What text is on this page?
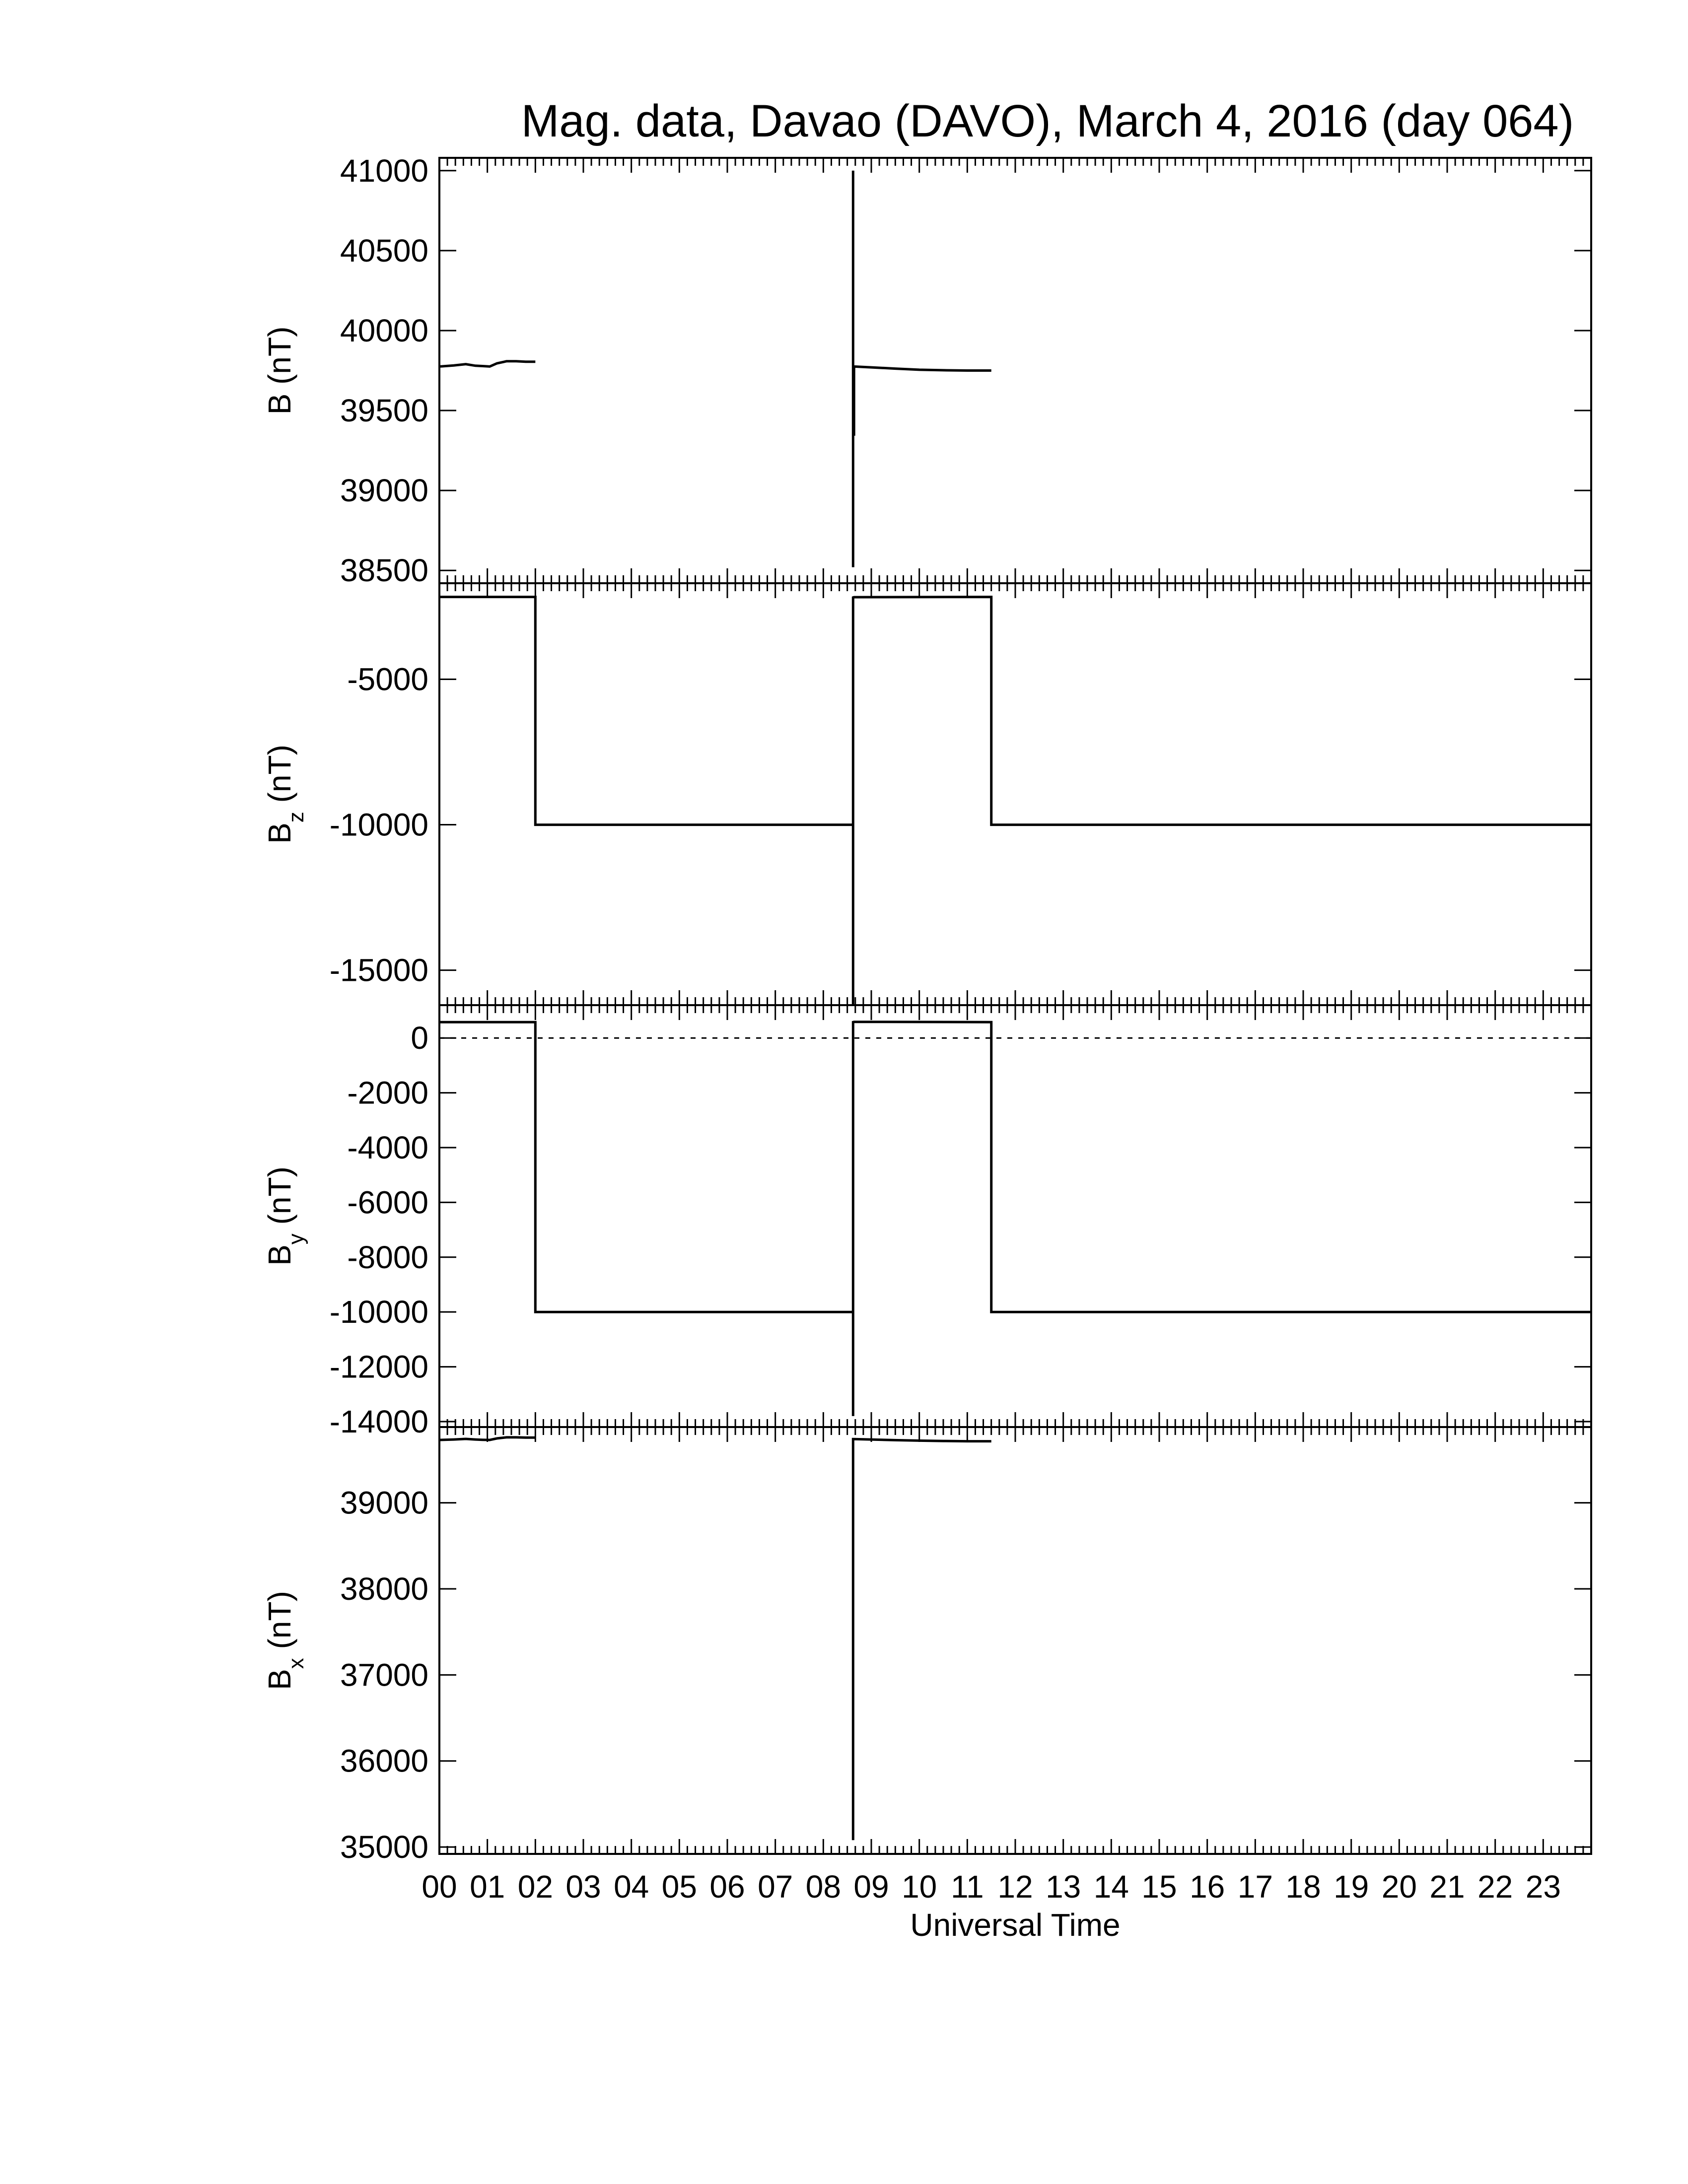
Mag. data, Davao (DAVO), March 4, 2016 (day 064)
38500
39000
39500
40000
40500
41000
B (nT)
-15000
-10000
-5000
$B_z$ (nT)
-14000
-12000
-10000
-8000
-6000
-4000
-2000
0
$B_y$ (nT)
35000
36000
37000
38000
39000
$B_x$ (nT)
00 01 02 03 04 05 06 07 08 09 10 11 12 13 14 15 16 17 18 19 20 21 22 23
Universal Time
